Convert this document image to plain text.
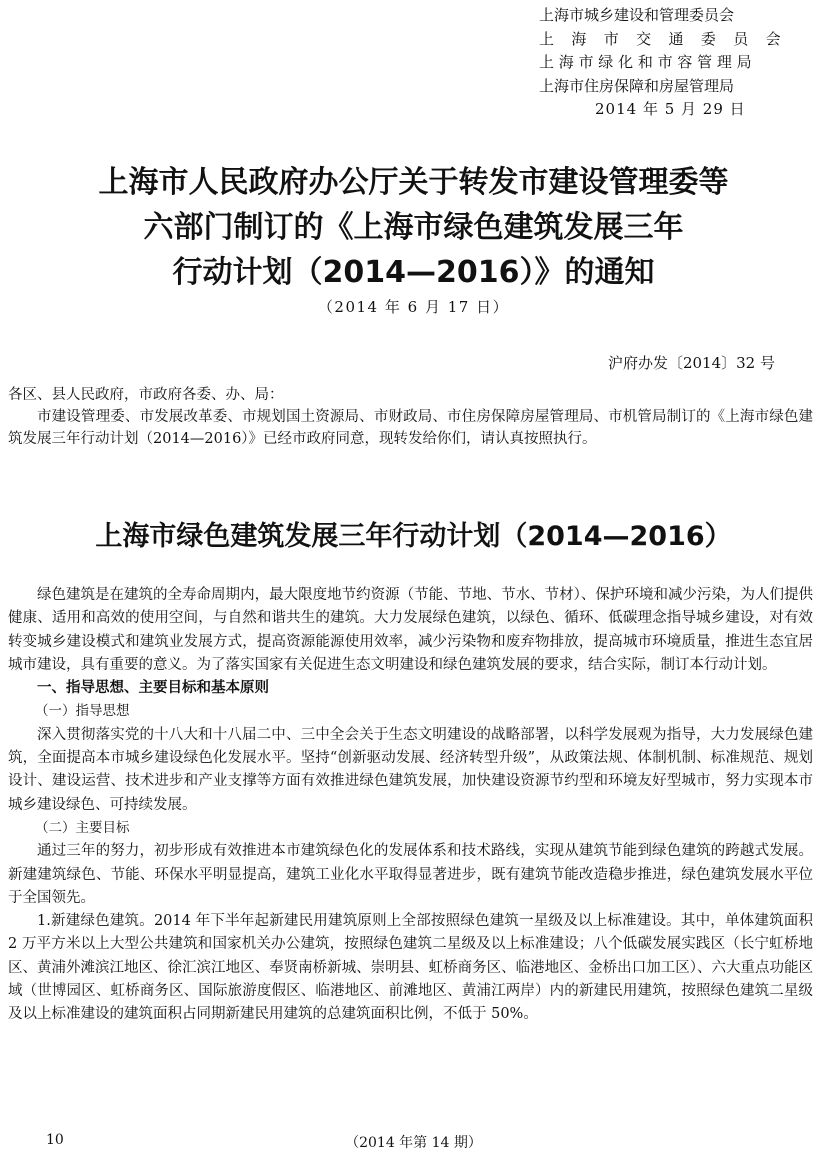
上海市城乡建设和管理委员会
上 海 市 交 通 委 员 会
上 海 市 绿 化 和 市 容 管 理 局
上海市住房保障和房屋管理局
2014 年 5 月 29 日
上海市人民政府办公厅关于转发市建设管理委等
六部门制订的《上海市绿色建筑发展三年
行动计划（2014—2016）》的通知
（2014 年 6 月 17 日）
沪府办发〔2014〕32 号

各区、县人民政府，市政府各委、办、局：

市建设管理委、市发展改革委、市规划国土资源局、市财政局、市住房保障房屋管理局、市机管局制订的《上海市绿色建筑发展三年行动计划（2014—2016）》已经市政府同意，现转发给你们，请认真按照执行。

上海市绿色建筑发展三年行动计划（2014—2016）

绿色建筑是在建筑的全寿命周期内，最大限度地节约资源（节能、节地、节水、节材）、保护环境和减少污染，为人们提供健康、适用和高效的使用空间，与自然和谐共生的建筑。大力发展绿色建筑，以绿色、循环、低碳理念指导城乡建设，对有效转变城乡建设模式和建筑业发展方式，提高资源能源使用效率，减少污染物和废弃物排放，提高城市环境质量，推进生态宜居城市建设，具有重要的意义。为了落实国家有关促进生态文明建设和绿色建筑发展的要求，结合实际，制订本行动计划。

一、指导思想、主要目标和基本原则

（一）指导思想

深入贯彻落实党的十八大和十八届二中、三中全会关于生态文明建设的战略部署，以科学发展观为指导，大力发展绿色建筑，全面提高本市城乡建设绿色化发展水平。坚持“创新驱动发展、经济转型升级”，从政策法规、体制机制、标准规范、规划设计、建设运营、技术进步和产业支撑等方面有效推进绿色建筑发展，加快建设资源节约型和环境友好型城市，努力实现本市城乡建设绿色、可持续发展。

（二）主要目标

通过三年的努力，初步形成有效推进本市建筑绿色化的发展体系和技术路线，实现从建筑节能到绿色建筑的跨越式发展。新建建筑绿色、节能、环保水平明显提高，建筑工业化水平取得显著进步，既有建筑节能改造稳步推进，绿色建筑发展水平位于全国领先。

1.新建绿色建筑。2014 年下半年起新建民用建筑原则上全部按照绿色建筑一星级及以上标准建设。其中，单体建筑面积 2 万平方米以上大型公共建筑和国家机关办公建筑，按照绿色建筑二星级及以上标准建设；八个低碳发展实践区（长宁虹桥地区、黄浦外滩滨江地区、徐汇滨江地区、奉贤南桥新城、崇明县、虹桥商务区、临港地区、金桥出口加工区）、六大重点功能区域（世博园区、虹桥商务区、国际旅游度假区、临港地区、前滩地区、黄浦江两岸）内的新建民用建筑，按照绿色建筑二星级及以上标准建设的建筑面积占同期新建民用建筑的总建筑面积比例，不低于 50%。

10	（2014 年第 14 期）
